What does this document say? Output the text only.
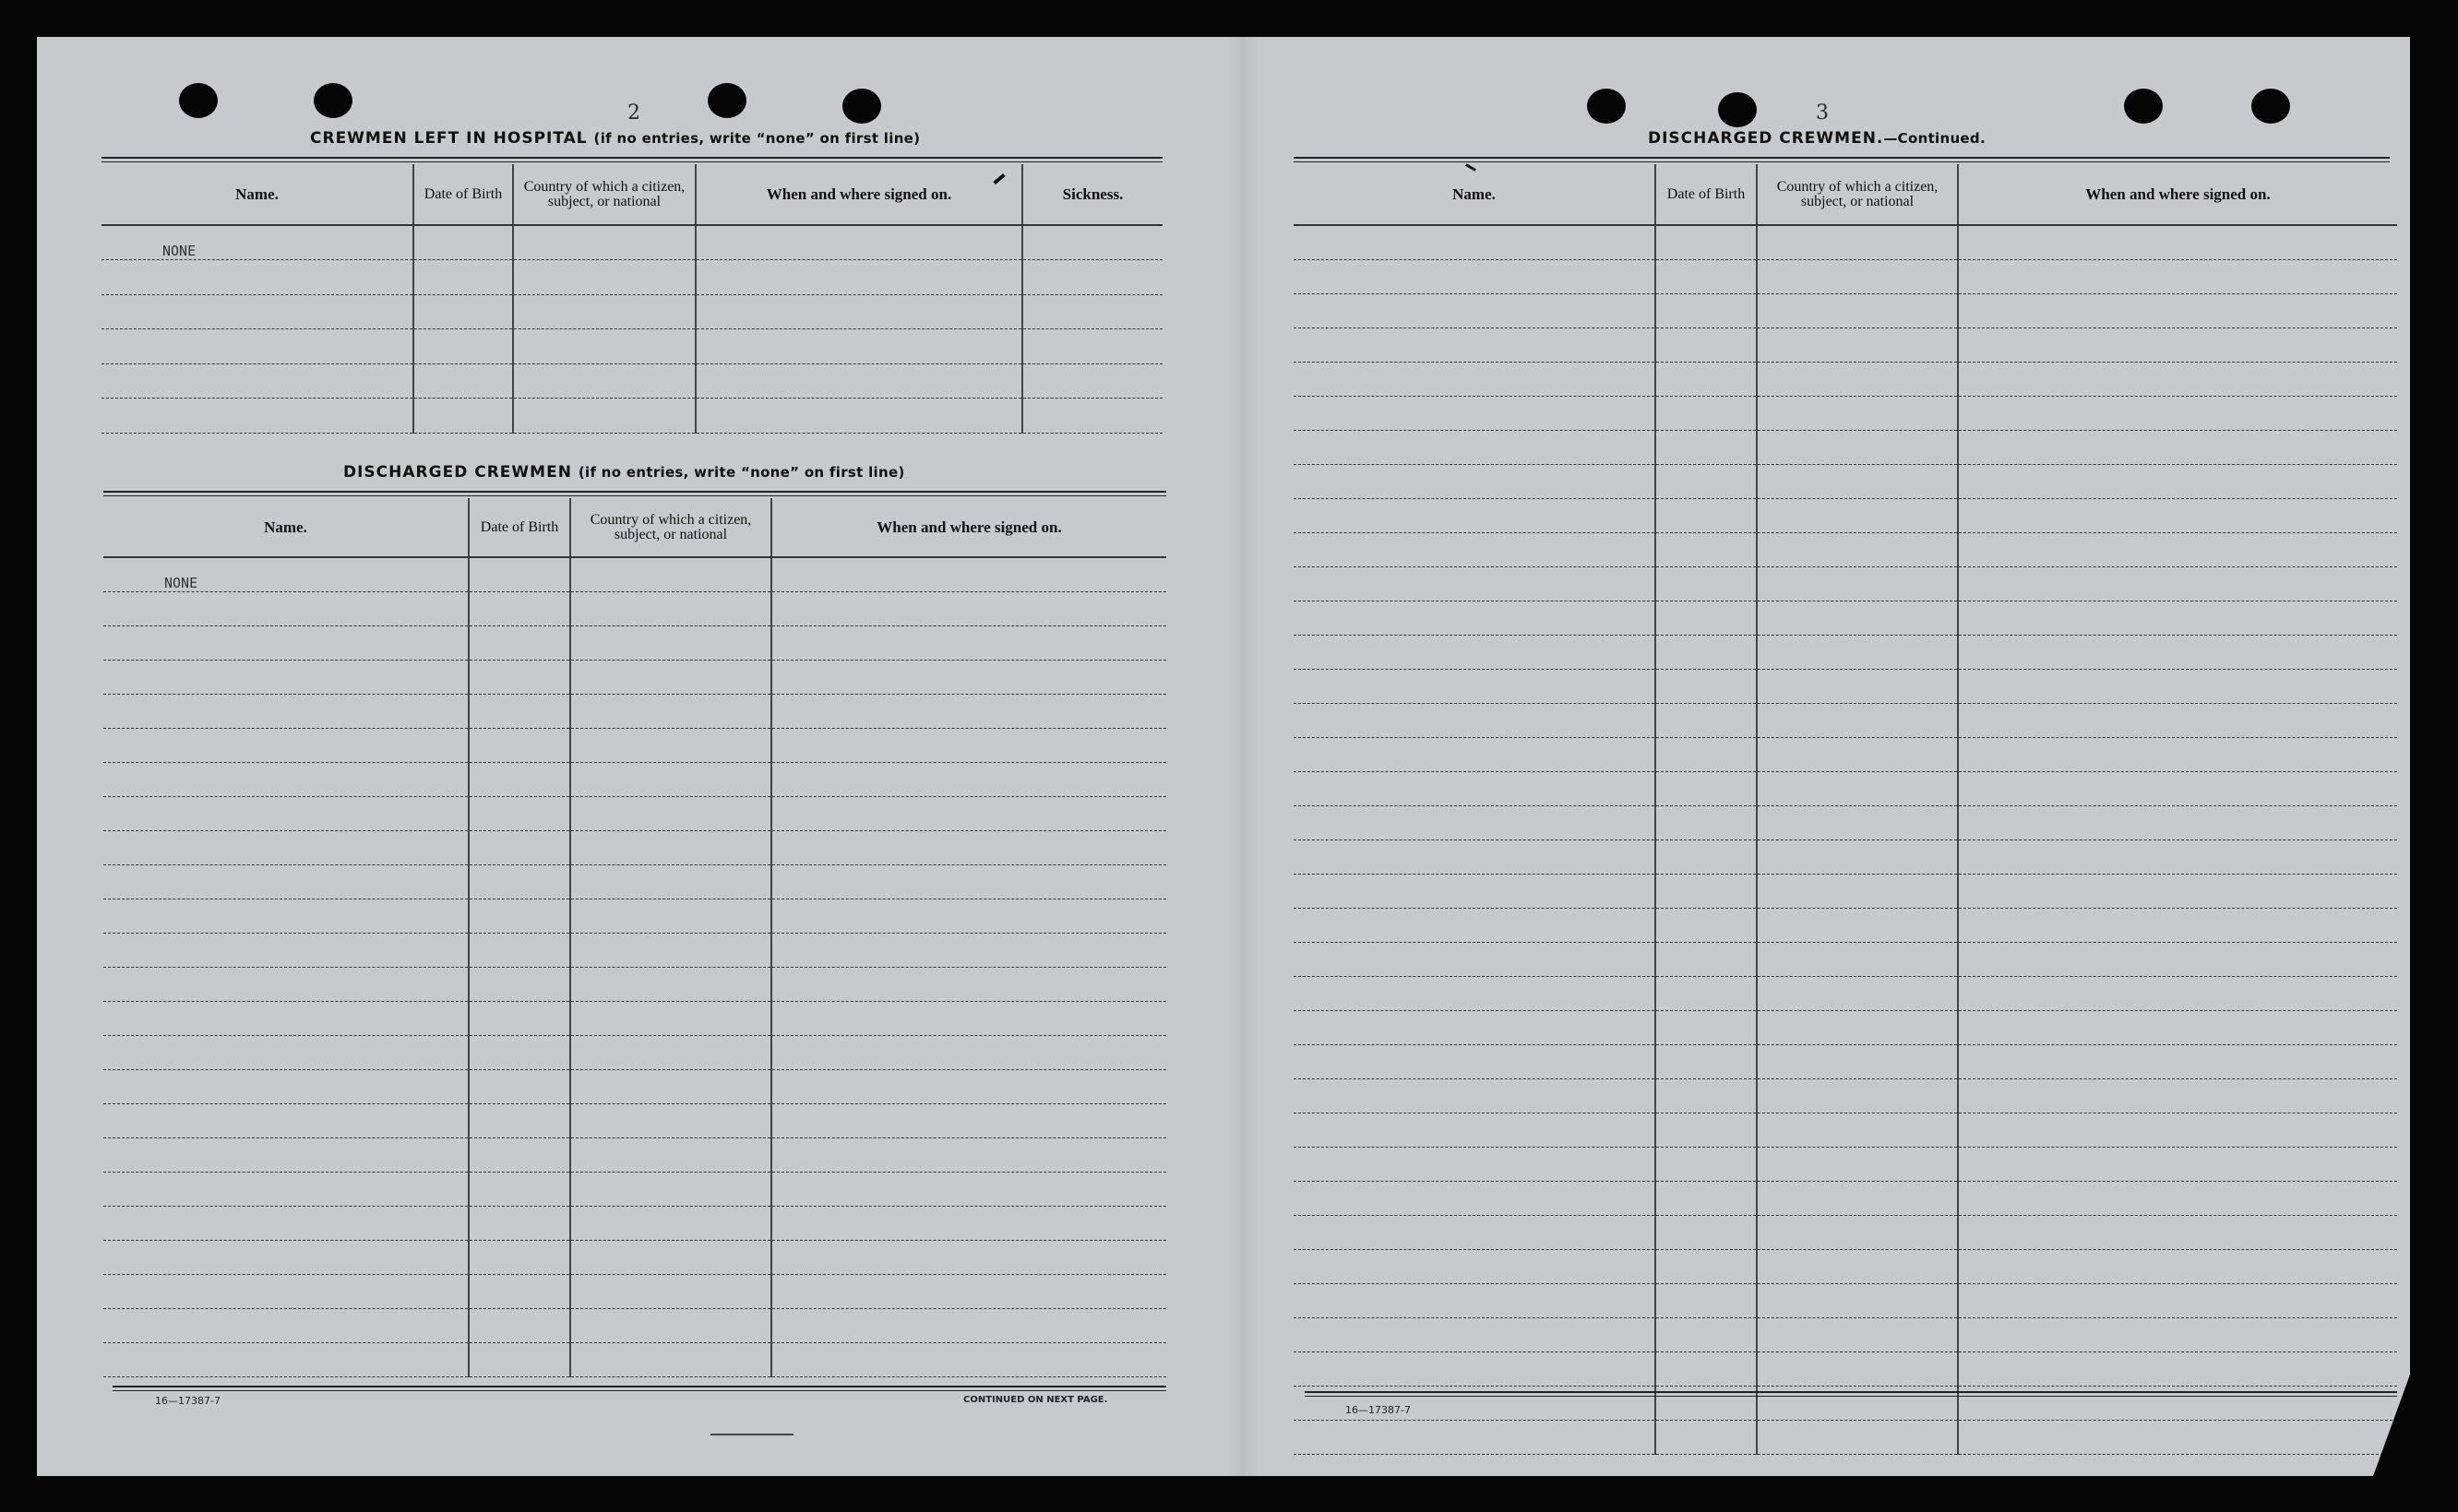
2
CREWMEN LEFT IN HOSPITAL (if no entries, write “none” on first line)
Name.	Date of Birth	Country of which a citizen, subject, or national	When and where signed on.	Sickness.
NONE				

DISCHARGED CREWMEN (if no entries, write “none” on first line)
Name.	Date of Birth	Country of which a citizen, subject, or national	When and where signed on.
NONE			

16—17387-7	CONTINUED ON NEXT PAGE.
3
DISCHARGED CREWMEN.—Continued.
Name.	Date of Birth	Country of which a citizen, subject, or national	When and where signed on.

16—17387-7
